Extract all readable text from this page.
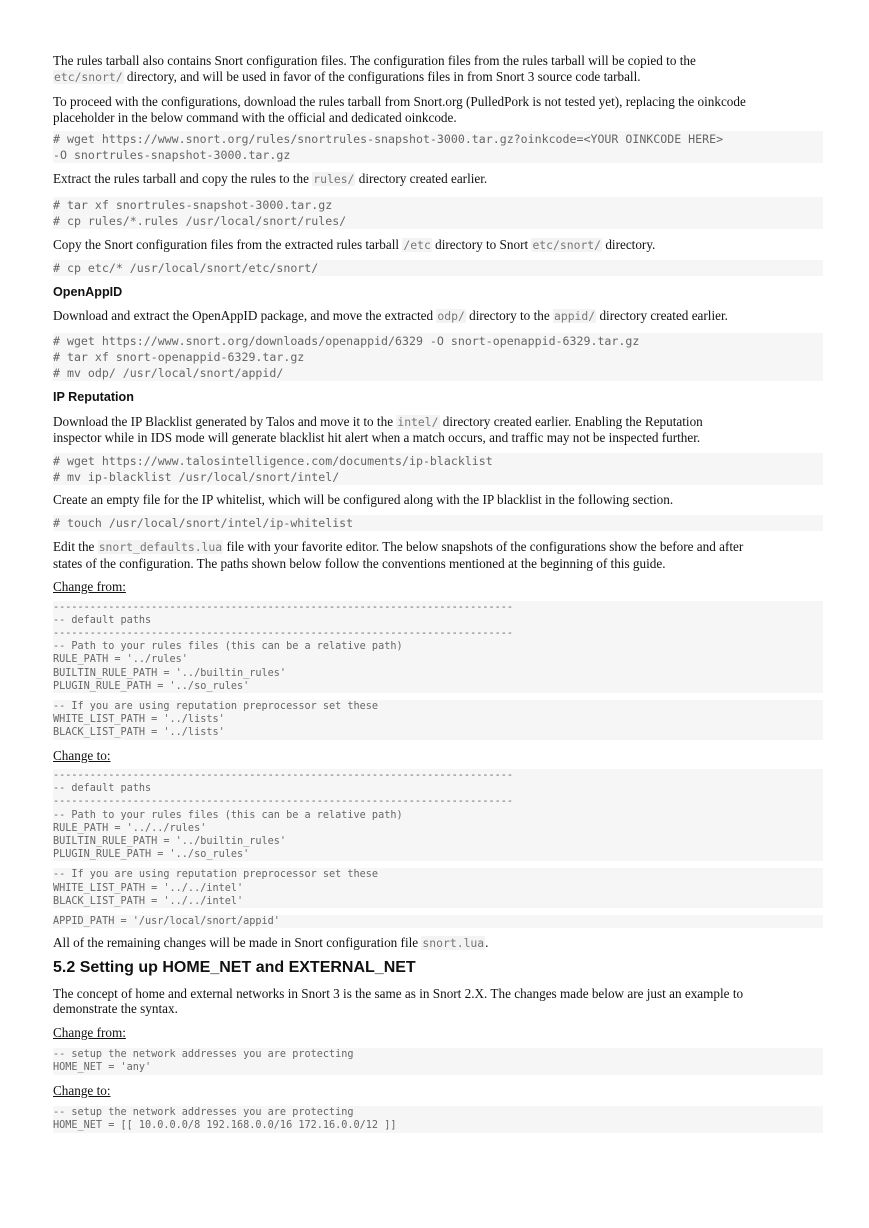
The rules tarball also contains Snort configuration files. The configuration files from the rules tarball will be copied to the
etc/snort/ directory, and will be used in favor of the configurations files in from Snort 3 source code tarball.

To proceed with the configurations, download the rules tarball from Snort.org (PulledPork is not tested yet), replacing the oinkcode
placeholder in the below command with the official and dedicated oinkcode.

# wget https://www.snort.org/rules/snortrules-snapshot-3000.tar.gz?oinkcode=<YOUR OINKCODE HERE>
-O snortrules-snapshot-3000.tar.gz

Extract the rules tarball and copy the rules to the rules/ directory created earlier.

# tar xf snortrules-snapshot-3000.tar.gz
# cp rules/*.rules /usr/local/snort/rules/

Copy the Snort configuration files from the extracted rules tarball /etc directory to Snort etc/snort/ directory.

# cp etc/* /usr/local/snort/etc/snort/
OpenAppID

Download and extract the OpenAppID package, and move the extracted odp/ directory to the appid/ directory created earlier.

# wget https://www.snort.org/downloads/openappid/6329 -O snort-openappid-6329.tar.gz
# tar xf snort-openappid-6329.tar.gz
# mv odp/ /usr/local/snort/appid/
IP Reputation

Download the IP Blacklist generated by Talos and move it to the intel/ directory created earlier. Enabling the Reputation
inspector while in IDS mode will generate blacklist hit alert when a match occurs, and traffic may not be inspected further.

# wget https://www.talosintelligence.com/documents/ip-blacklist
# mv ip-blacklist /usr/local/snort/intel/

Create an empty file for the IP whitelist, which will be configured along with the IP blacklist in the following section.

# touch /usr/local/snort/intel/ip-whitelist

Edit the snort_defaults.lua file with your favorite editor. The below snapshots of the configurations show the before and after
states of the configuration. The paths shown below follow the conventions mentioned at the beginning of this guide.

Change from:

---------------------------------------------------------------------------
-- default paths
---------------------------------------------------------------------------
-- Path to your rules files (this can be a relative path)
RULE_PATH = '../rules'
BUILTIN_RULE_PATH = '../builtin_rules'
PLUGIN_RULE_PATH = '../so_rules'
-- If you are using reputation preprocessor set these
WHITE_LIST_PATH = '../lists'
BLACK_LIST_PATH = '../lists'

Change to:

---------------------------------------------------------------------------
-- default paths
---------------------------------------------------------------------------
-- Path to your rules files (this can be a relative path)
RULE_PATH = '../../rules'
BUILTIN_RULE_PATH = '../builtin_rules'
PLUGIN_RULE_PATH = '../so_rules'
-- If you are using reputation preprocessor set these
WHITE_LIST_PATH = '../../intel'
BLACK_LIST_PATH = '../../intel'
APPID_PATH = '/usr/local/snort/appid'

All of the remaining changes will be made in Snort configuration file snort.lua.

5.2 Setting up HOME_NET and EXTERNAL_NET

The concept of home and external networks in Snort 3 is the same as in Snort 2.X. The changes made below are just an example to
demonstrate the syntax.

Change from:

-- setup the network addresses you are protecting
HOME_NET = 'any'

Change to:

-- setup the network addresses you are protecting
HOME_NET = [[ 10.0.0.0/8 192.168.0.0/16 172.16.0.0/12 ]]
